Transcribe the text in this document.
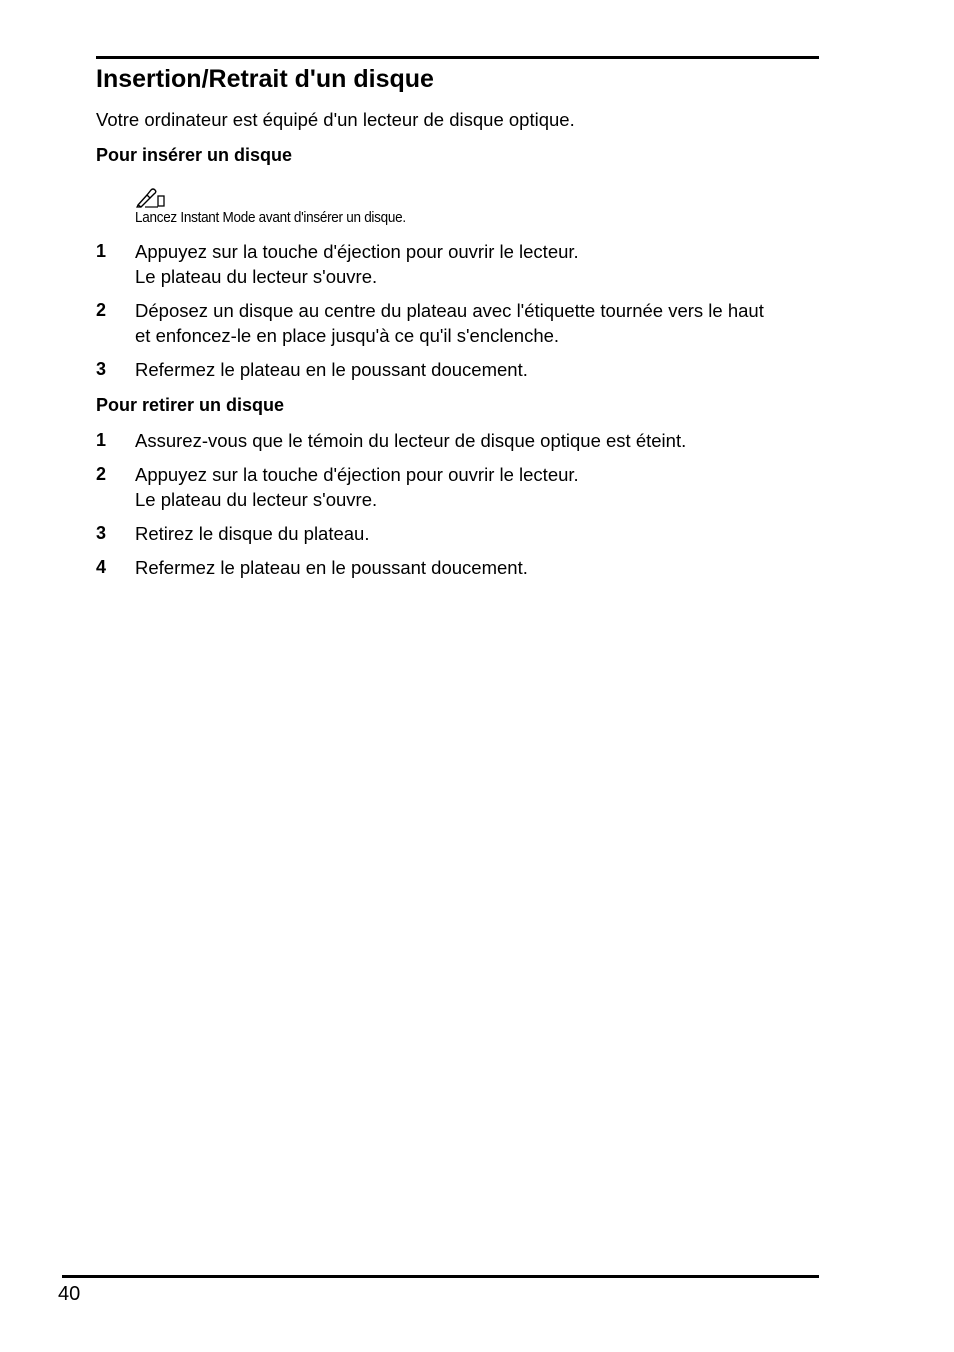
Insertion/Retrait d'un disque

Votre ordinateur est équipé d'un lecteur de disque optique.

Pour insérer un disque

Lancez Instant Mode avant d'insérer un disque.

1 Appuyez sur la touche d'éjection pour ouvrir le lecteur.
Le plateau du lecteur s'ouvre.
2 Déposez un disque au centre du plateau avec l'étiquette tournée vers le haut
et enfoncez-le en place jusqu'à ce qu'il s'enclenche.
3 Refermez le plateau en le poussant doucement.
Pour retirer un disque
1 Assurez-vous que le témoin du lecteur de disque optique est éteint.
2 Appuyez sur la touche d'éjection pour ouvrir le lecteur.
Le plateau du lecteur s'ouvre.
3 Retirez le disque du plateau.
4 Refermez le plateau en le poussant doucement.

40
